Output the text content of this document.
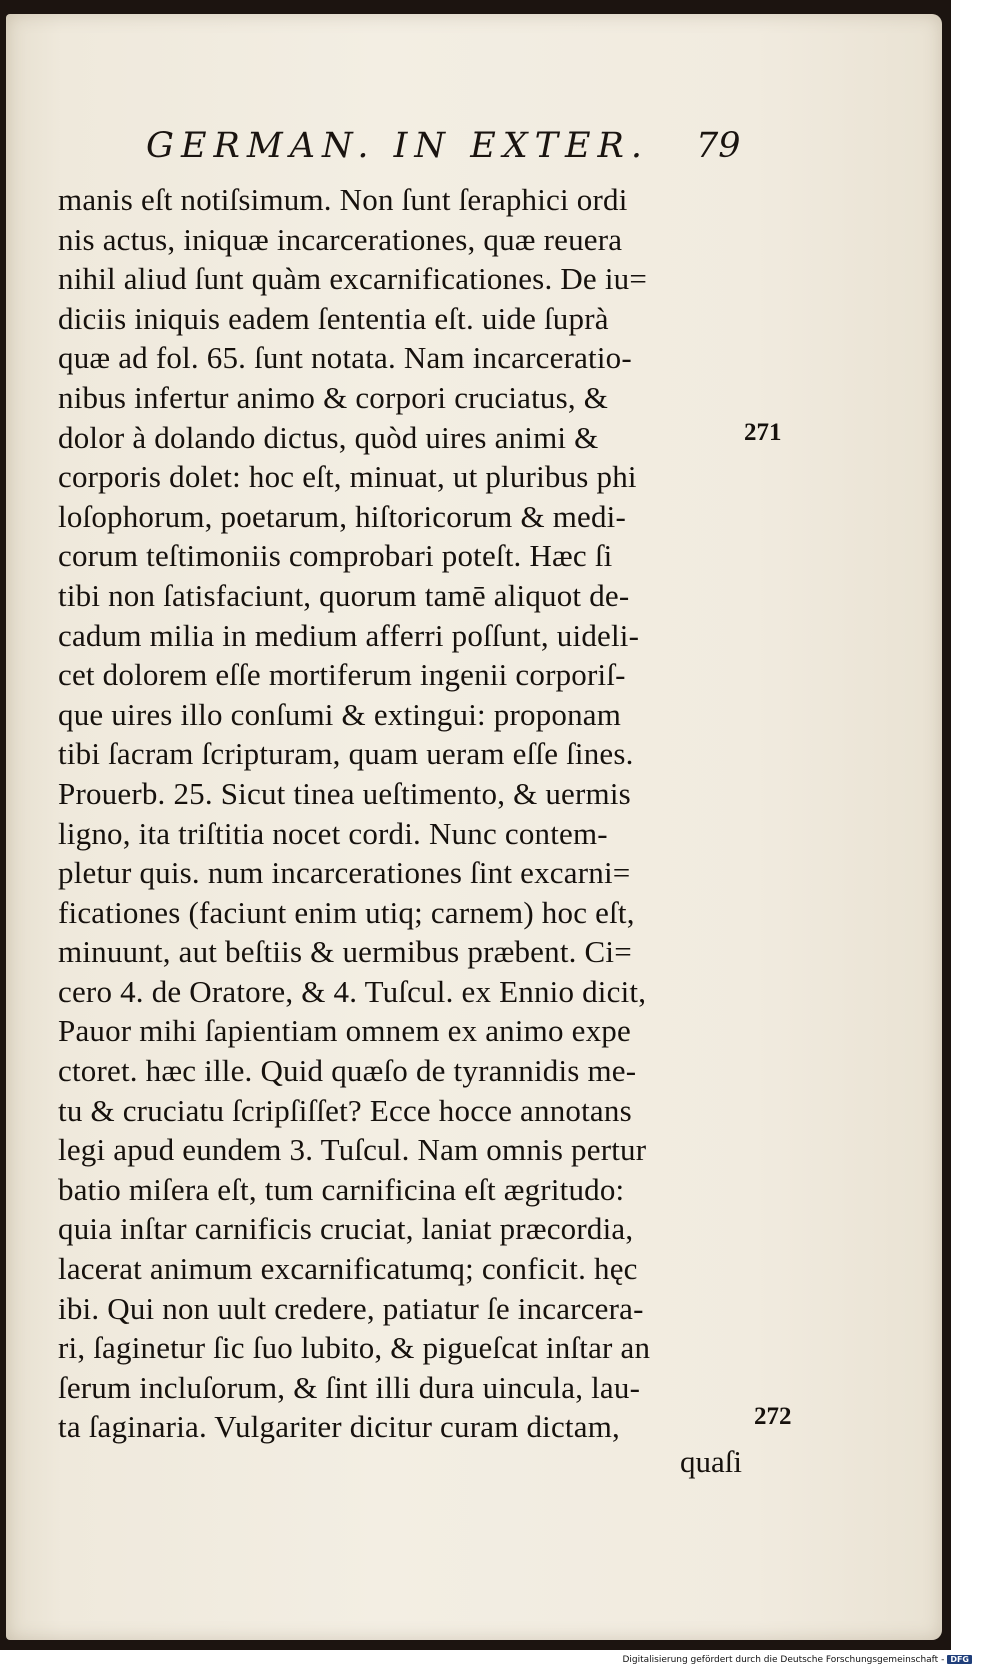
GERMAN. IN EXTER.	79
manis eſt notiſsimum. Non ſunt ſeraphici ordi
nis actus, iniquæ incarcerationes, quæ reuera
nihil aliud ſunt quàm excarnificationes. De iu=
diciis iniquis eadem ſententia eſt. uide ſuprà
quæ ad fol. 65. ſunt notata. Nam incarceratio-
nibus infertur animo & corpori cruciatus, &
dolor à dolando dictus, quòd uires animi &
corporis dolet: hoc eſt, minuat, ut pluribus phi
loſophorum, poetarum, hiſtoricorum & medi-
corum teſtimoniis comprobari poteſt. Hæc ſi
tibi non ſatisfaciunt, quorum tamē aliquot de-
cadum milia in medium afferri poſſunt, uideli-
cet dolorem eſſe mortiferum ingenii corporiſ-
que uires illo conſumi & extingui: proponam
tibi ſacram ſcripturam, quam ueram eſſe ſines.
Prouerb. 25. Sicut tinea ueſtimento, & uermis
ligno, ita triſtitia nocet cordi. Nunc contem-
pletur quis. num incarcerationes ſint excarni=
ficationes (faciunt enim utiq; carnem) hoc eſt,
minuunt, aut beſtiis & uermibus præbent. Ci=
cero 4. de Oratore, & 4. Tuſcul. ex Ennio dicit,
Pauor mihi ſapientiam omnem ex animo expe
ctoret. hæc ille. Quid quæſo de tyrannidis me-
tu & cruciatu ſcripſiſſet? Ecce hocce annotans
legi apud eundem 3. Tuſcul. Nam omnis pertur
batio miſera eſt, tum carnificina eſt ægritudo:
quia inſtar carnificis cruciat, laniat præcordia,
lacerat animum excarnificatumq; conficit. hęc
ibi. Qui non uult credere, patiatur ſe incarcera-
ri, ſaginetur ſic ſuo lubito, & pigueſcat inſtar an
ſerum incluſorum, & ſint illi dura uincula, lau-
ta ſaginaria. Vulgariter dicitur curam dictam,
271
272
quaſi
Digitalisierung gefördert durch die Deutsche Forschungsgemeinschaft - DFG
